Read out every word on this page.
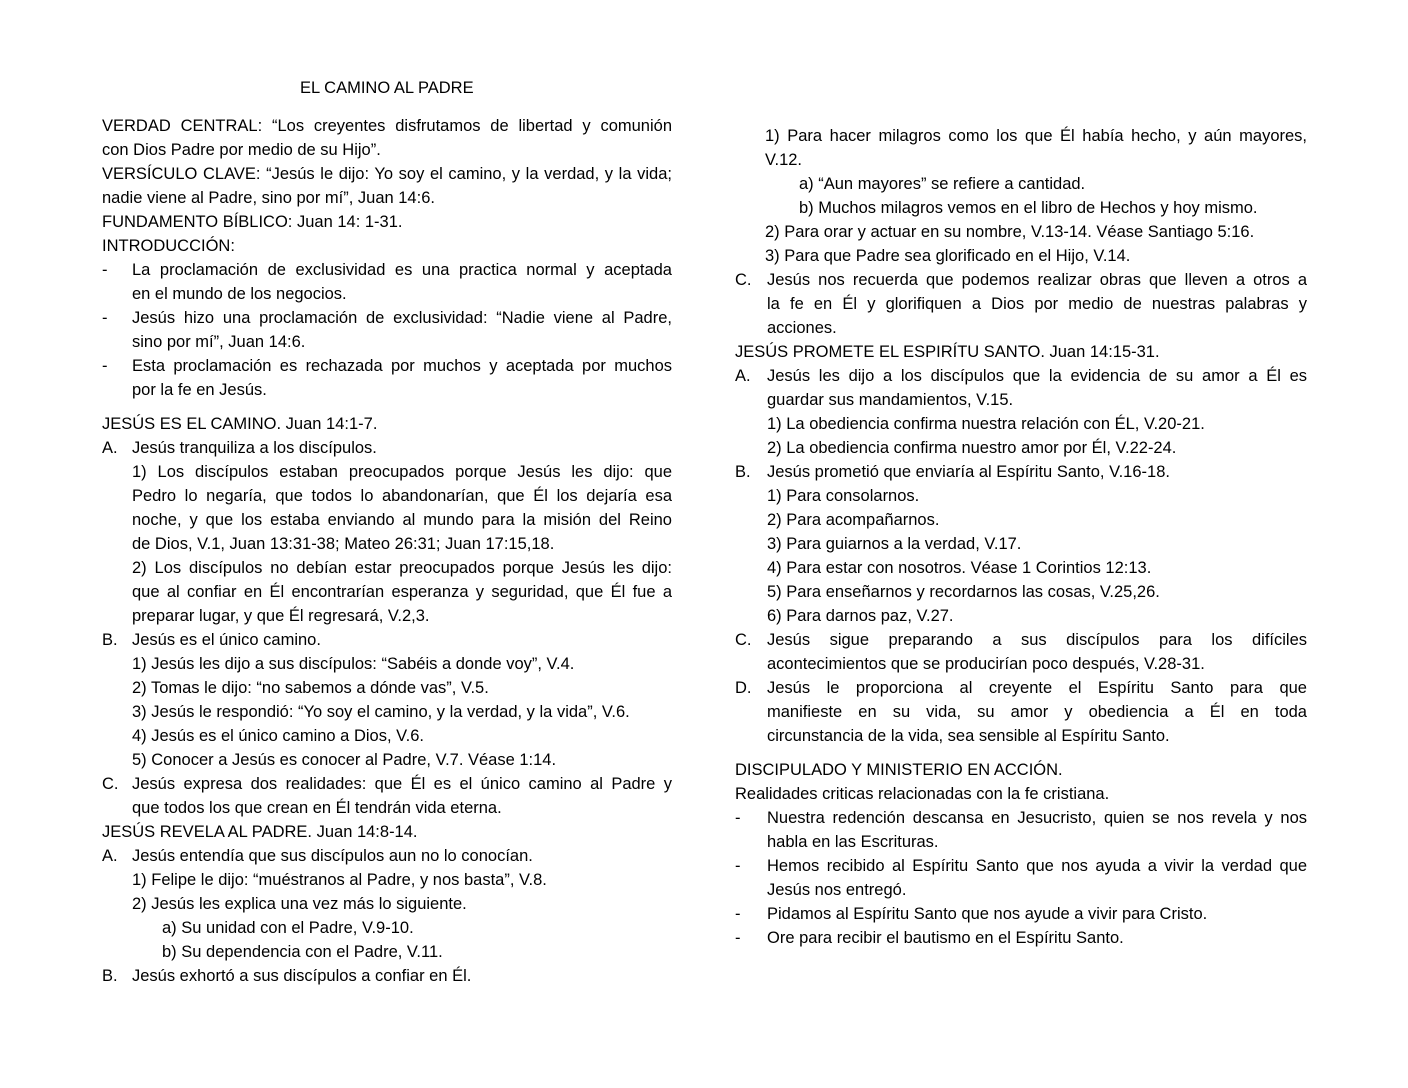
EL CAMINO AL PADRE
VERDAD CENTRAL: “Los creyentes disfrutamos de libertad y comunión
con Dios Padre por medio de su Hijo”.
VERSÍCULO CLAVE: “Jesús le dijo: Yo soy el camino, y la verdad, y la vida;
nadie viene al Padre, sino por mí”, Juan 14:6.
FUNDAMENTO BÍBLICO: Juan 14: 1-31.
INTRODUCCIÓN:
- La proclamación de exclusividad es una practica normal y aceptada
en el mundo de los negocios.
- Jesús hizo una proclamación de exclusividad: “Nadie viene al Padre,
sino por mí”, Juan 14:6.
- Esta proclamación es rechazada por muchos y aceptada por muchos
por la fe en Jesús.
JESÚS ES EL CAMINO. Juan 14:1-7.
A. Jesús tranquiliza a los discípulos.
1) Los discípulos estaban preocupados porque Jesús les dijo: que
Pedro lo negaría, que todos lo abandonarían, que Él los dejaría esa
noche, y que los estaba enviando al mundo para la misión del Reino
de Dios, V.1, Juan 13:31-38; Mateo 26:31; Juan 17:15,18.
2) Los discípulos no debían estar preocupados porque Jesús les dijo:
que al confiar en Él encontrarían esperanza y seguridad, que Él fue a
preparar lugar, y que Él regresará, V.2,3.
B. Jesús es el único camino.
1) Jesús les dijo a sus discípulos: “Sabéis a donde voy”, V.4.
2) Tomas le dijo: “no sabemos a dónde vas”, V.5.
3) Jesús le respondió: “Yo soy el camino, y la verdad, y la vida”, V.6.
4) Jesús es el único camino a Dios, V.6.
5) Conocer a Jesús es conocer al Padre, V.7. Véase 1:14.
C. Jesús expresa dos realidades: que Él es el único camino al Padre y
que todos los que crean en Él tendrán vida eterna.
JESÚS REVELA AL PADRE. Juan 14:8-14.
A. Jesús entendía que sus discípulos aun no lo conocían.
1) Felipe le dijo: “muéstranos al Padre, y nos basta”, V.8.
2) Jesús les explica una vez más lo siguiente.
a) Su unidad con el Padre, V.9-10.
b) Su dependencia con el Padre, V.11.
B. Jesús exhortó a sus discípulos a confiar en Él.
1) Para hacer milagros como los que Él había hecho, y aún mayores,
V.12.
a) “Aun mayores” se refiere a cantidad.
b) Muchos milagros vemos en el libro de Hechos y hoy mismo.
2) Para orar y actuar en su nombre, V.13-14. Véase Santiago 5:16.
3) Para que Padre sea glorificado en el Hijo, V.14.
C. Jesús nos recuerda que podemos realizar obras que lleven a otros a
la fe en Él y glorifiquen a Dios por medio de nuestras palabras y
acciones.
JESÚS PROMETE EL ESPIRÍTU SANTO. Juan 14:15-31.
A. Jesús les dijo a los discípulos que la evidencia de su amor a Él es
guardar sus mandamientos, V.15.
1) La obediencia confirma nuestra relación con ÉL, V.20-21.
2) La obediencia confirma nuestro amor por Él, V.22-24.
B. Jesús prometió que enviaría al Espíritu Santo, V.16-18.
1) Para consolarnos.
2) Para acompañarnos.
3) Para guiarnos a la verdad, V.17.
4) Para estar con nosotros. Véase 1 Corintios 12:13.
5) Para enseñarnos y recordarnos las cosas, V.25,26.
6) Para darnos paz, V.27.
C. Jesús sigue preparando a sus discípulos para los difíciles
acontecimientos que se producirían poco después, V.28-31.
D. Jesús le proporciona al creyente el Espíritu Santo para que
manifieste en su vida, su amor y obediencia a Él en toda
circunstancia de la vida, sea sensible al Espíritu Santo.
DISCIPULADO Y MINISTERIO EN ACCIÓN.
Realidades criticas relacionadas con la fe cristiana.
- Nuestra redención descansa en Jesucristo, quien se nos revela y nos
habla en las Escrituras.
- Hemos recibido al Espíritu Santo que nos ayuda a vivir la verdad que
Jesús nos entregó.
- Pidamos al Espíritu Santo que nos ayude a vivir para Cristo.
- Ore para recibir el bautismo en el Espíritu Santo.
